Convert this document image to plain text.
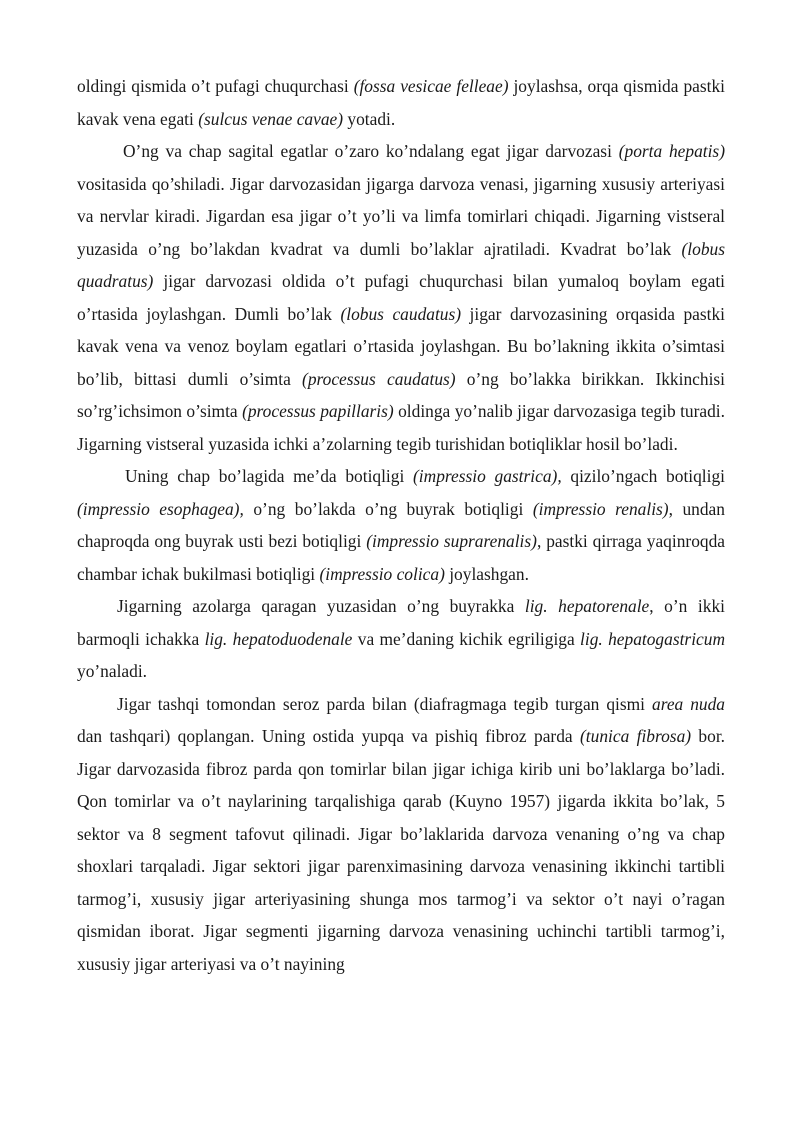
oldingi qismida o’t pufagi chuqurchasi (fossa vesicae felleae) joylashsa, orqa qismida pastki kavak vena egati (sulcus venae cavae) yotadi.

O’ng va chap sagital egatlar o’zaro ko’ndalang egat jigar darvozasi (porta hepatis) vositasida qo’shiladi. Jigar darvozasidan jigarga darvoza venasi, jigarning xususiy arteriyasi va nervlar kiradi. Jigardan esa jigar o’t yo’li va limfa tomirlari chiqadi. Jigarning vistseral yuzasida o’ng bo’lakdan kvadrat va dumli bo’laklar ajratiladi. Kvadrat bo’lak (lobus quadratus) jigar darvozasi oldida o’t pufagi chuqurchasi bilan yumaloq boylam egati o’rtasida joylashgan. Dumli bo’lak (lobus caudatus) jigar darvozasining orqasida pastki kavak vena va venoz boylam egatlari o’rtasida joylashgan. Bu bo’lakning ikkita o’simtasi bo’lib, bittasi dumli o’simta (processus caudatus) o’ng bo’lakka birikkan. Ikkinchisi so’rg’ichsimon o’simta (processus papillaris) oldinga yo’nalib jigar darvozasiga tegib turadi. Jigarning vistseral yuzasida ichki a’zolarning tegib turishidan botiqliklar hosil bo’ladi.

Uning chap bo’lagida me’da botiqligi (impressio gastrica), qizilo’ngach botiqligi (impressio esophagea), o’ng bo’lakda o’ng buyrak botiqligi (impressio renalis), undan chaproqda ong buyrak usti bezi botiqligi (impressio suprarenalis), pastki qirraga yaqinroqda chambar ichak bukilmasi botiqligi (impressio colica) joylashgan.

Jigarning azolarga qaragan yuzasidan o’ng buyrakka lig. hepatorenale, o’n ikki barmoqli ichakka lig. hepatoduodenale va me’daning kichik egriligiga lig. hepatogastricum yo’naladi.

Jigar tashqi tomondan seroz parda bilan (diafragmaga tegib turgan qismi area nuda dan tashqari) qoplangan. Uning ostida yupqa va pishiq fibroz parda (tunica fibrosa) bor. Jigar darvozasida fibroz parda qon tomirlar bilan jigar ichiga kirib uni bo’laklarga bo’ladi. Qon tomirlar va o’t naylarining tarqalishiga qarab (Kuyno 1957) jigarda ikkita bo’lak, 5 sektor va 8 segment tafovut qilinadi. Jigar bo’laklarida darvoza venaning o’ng va chap shoxlari tarqaladi. Jigar sektori jigar parenximasining darvoza venasining ikkinchi tartibli tarmog’i, xususiy jigar arteriyasining shunga mos tarmog’i va sektor o’t nayi o’ragan qismidan iborat. Jigar segmenti jigarning darvoza venasining uchinchi tartibli tarmog’i, xususiy jigar arteriyasi va o’t nayining
